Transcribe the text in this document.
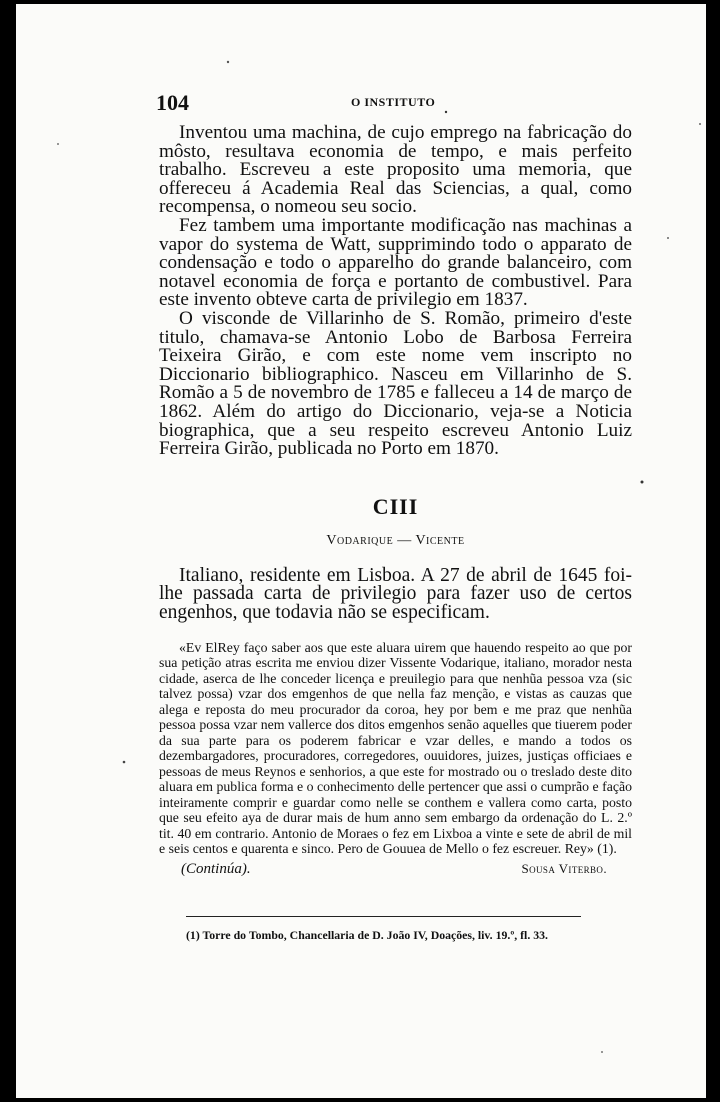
104	O INSTITUTO

Inventou uma machina, de cujo emprego na fabricação do môsto, resultava economia de tempo, e mais perfeito trabalho. Escreveu a este proposito uma memoria, que offereceu á Academia Real das Sciencias, a qual, como recompensa, o nomeou seu socio.

Fez tambem uma importante modificação nas machinas a vapor do systema de Watt, supprimindo todo o apparato de condensação e todo o apparelho do grande balanceiro, com notavel economia de força e portanto de combustivel. Para este invento obteve carta de privilegio em 1837.

O visconde de Villarinho de S. Romão, primeiro d'este titulo, chamava-se Antonio Lobo de Barbosa Ferreira Teixeira Girão, e com este nome vem inscripto no Diccionario bibliographico. Nasceu em Villarinho de S. Romão a 5 de novembro de 1785 e falleceu a 14 de março de 1862. Além do artigo do Diccionario, veja-se a Noticia biographica, que a seu respeito escreveu Antonio Luiz Ferreira Girão, publicada no Porto em 1870.

CIII
Vodarique — Vicente

Italiano, residente em Lisboa. A 27 de abril de 1645 foi-lhe passada carta de privilegio para fazer uso de certos engenhos, que todavia não se especificam.

«Ev ElRey faço saber aos que este aluara uirem que hauendo respeito ao que por sua petição atras escrita me enviou dizer Vissente Vodarique, italiano, morador nesta cidade, aserca de lhe conceder licença e preuilegio para que nenhũa pessoa vza (sic talvez possa) vzar dos emgenhos de que nella faz menção, e vistas as cauzas que alega e reposta do meu procurador da coroa, hey por bem e me praz que nenhũa pessoa possa vzar nem vallerce dos ditos emgenhos senão aquelles que tiuerem poder da sua parte para os poderem fabricar e vzar delles, e mando a todos os dezembargadores, procuradores, corregedores, ouuidores, juizes, justiças officiaes e pessoas de meus Reynos e senhorios, a que este for mostrado ou o treslado deste dito aluara em publica forma e o conhecimento delle pertencer que assi o cumprão e fação inteiramente comprir e guardar como nelle se conthem e vallera como carta, posto que seu efeito aya de durar mais de hum anno sem embargo da ordenação do L. 2.º tit. 40 em contrario. Antonio de Moraes o fez em Lixboa a vinte e sete de abril de mil e seis centos e quarenta e sinco. Pero de Gouuea de Mello o fez escreuer. Rey» (1).

(Continúa).	Sousa Viterbo.
(1) Torre do Tombo, Chancellaria de D. João IV, Doações, liv. 19.º, fl. 33.
